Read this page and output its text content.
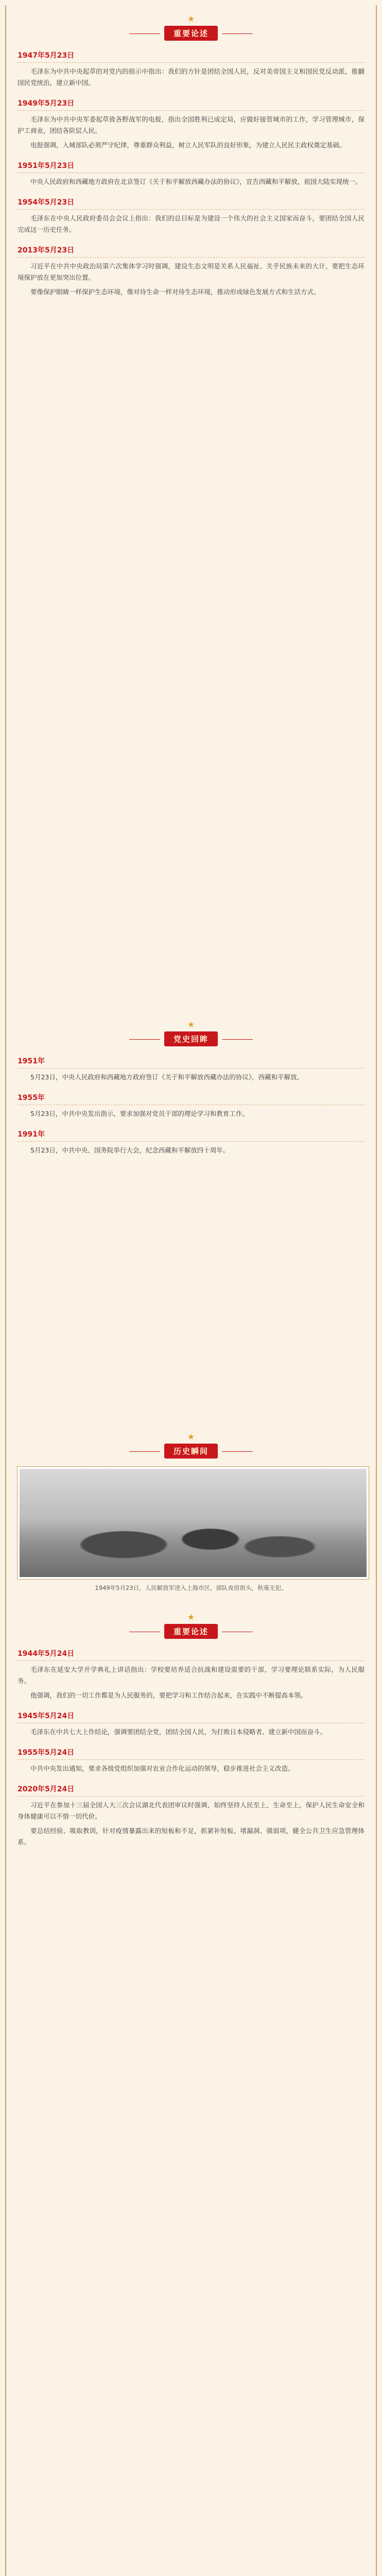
★
重要论述
1947年5月23日

毛泽东为中共中央起草的对党内的指示中指出：我们的方针是团结全国人民，反对美帝国主义和国民党反动派，推翻国民党统治，建立新中国。

1949年5月23日

毛泽东为中共中央军委起草致各野战军的电报，指出全国胜利已成定局，应做好接管城市的工作，学习管理城市，保护工商业，团结各阶层人民。

电报强调，入城部队必须严守纪律，尊重群众利益，树立人民军队的良好形象，为建立人民民主政权奠定基础。

1951年5月23日

中央人民政府和西藏地方政府在北京签订《关于和平解放西藏办法的协议》，宣告西藏和平解放，祖国大陆实现统一。

1954年5月23日

毛泽东在中央人民政府委员会会议上指出：我们的总目标是为建设一个伟大的社会主义国家而奋斗，要团结全国人民完成这一历史任务。

2013年5月23日

习近平在中共中央政治局第六次集体学习时强调，建设生态文明是关系人民福祉、关乎民族未来的大计，要把生态环境保护放在更加突出位置。

要像保护眼睛一样保护生态环境，像对待生命一样对待生态环境，推动形成绿色发展方式和生活方式。

★
党史回眸
1951年

5月23日，中央人民政府和西藏地方政府签订《关于和平解放西藏办法的协议》，西藏和平解放。

1955年

5月23日，中共中央发出指示，要求加强对党员干部的理论学习和教育工作。

1991年

5月23日，中共中央、国务院举行大会，纪念西藏和平解放四十周年。

★
历史瞬间
1949年5月23日，人民解放军进入上海市区，部队夜宿街头，秋毫无犯。
★
重要论述
1944年5月24日

毛泽东在延安大学开学典礼上讲话指出：学校要培养适合抗战和建设需要的干部，学习要理论联系实际，为人民服务。

他强调，我们的一切工作都是为人民服务的，要把学习和工作结合起来，在实践中不断提高本领。

1945年5月24日

毛泽东在中共七大上作结论，强调要团结全党，团结全国人民，为打败日本侵略者、建立新中国而奋斗。

1955年5月24日

中共中央发出通知，要求各级党组织加强对农业合作化运动的领导，稳步推进社会主义改造。

2020年5月24日

习近平在参加十三届全国人大三次会议湖北代表团审议时强调，始终坚持人民至上、生命至上，保护人民生命安全和身体健康可以不惜一切代价。

要总结经验、吸取教训，针对疫情暴露出来的短板和不足，抓紧补短板、堵漏洞、强弱项，健全公共卫生应急管理体系。
